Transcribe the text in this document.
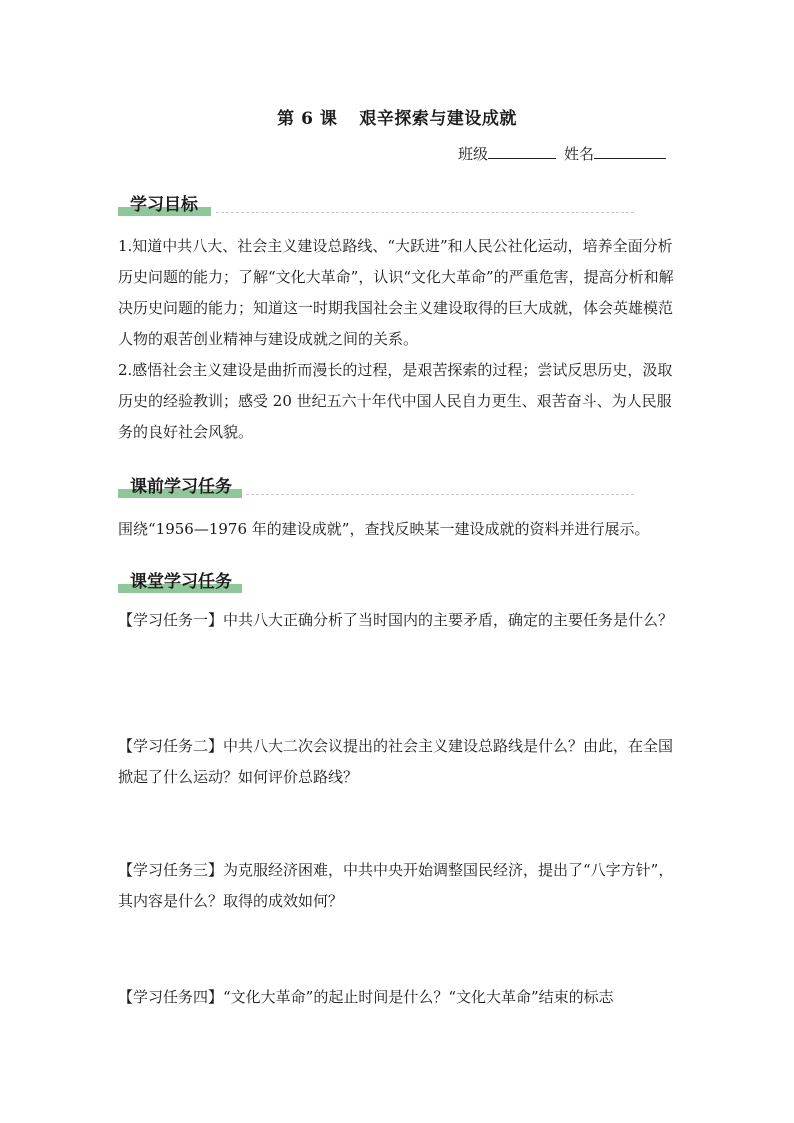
第 6 课 艰辛探索与建设成就
班级	姓名
学习目标

1.知道中共八大、社会主义建设总路线、“大跃进”和人民公社化运动，培养全面分析历史问题的能力；了解“文化大革命”，认识“文化大革命”的严重危害，提高分析和解决历史问题的能力；知道这一时期我国社会主义建设取得的巨大成就，体会英雄模范人物的艰苦创业精神与建设成就之间的关系。

2.感悟社会主义建设是曲折而漫长的过程，是艰苦探索的过程；尝试反思历史，汲取历史的经验教训；感受 20 世纪五六十年代中国人民自力更生、艰苦奋斗、为人民服务的良好社会风貌。

课前学习任务

围绕“1956—1976 年的建设成就”，查找反映某一建设成就的资料并进行展示。

课堂学习任务
【学习任务一】中共八大正确分析了当时国内的主要矛盾，确定的主要任务是什么？
【学习任务二】中共八大二次会议提出的社会主义建设总路线是什么？由此，在全国掀起了什么运动？如何评价总路线？
【学习任务三】为克服经济困难，中共中央开始调整国民经济，提出了“八字方针”，其内容是什么？取得的成效如何？
【学习任务四】“文化大革命”的起止时间是什么？“文化大革命”结束的标志
